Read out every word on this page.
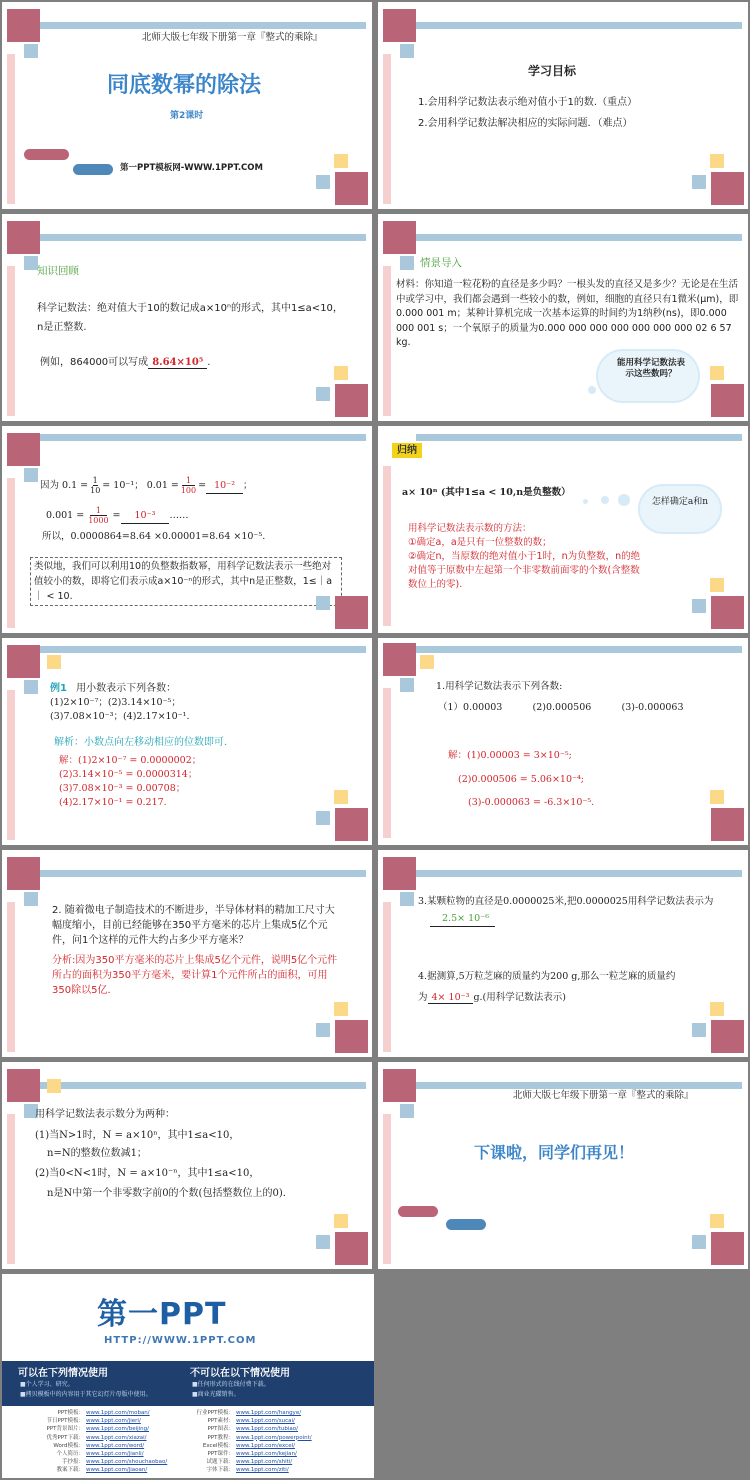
北师大版七年级下册第一章『整式的乘除』
同底数幂的除法
第2课时
第一PPT模板网-WWW.1PPT.COM
学习目标
1.会用科学记数法表示绝对值小于1的数.（重点）
2.会用科学记数法解决相应的实际问题．（难点）
知识回顾
科学记数法：绝对值大于10的数记成a×10ⁿ的形式，其中1≤a<10，
n是正整数.
例如，864000可以写成 8.64×10⁵ .
情景导入
材料：你知道一粒花粉的直径是多少吗？一根头发的直径又是多少？无论是在生活中或学习中，我们都会遇到一些较小的数，例如，细胞的直径只有1微米(μm)，即0.000 001 m；某种计算机完成一次基本运算的时间约为1纳秒(ns)，即0.000 000 001 s；一个氧原子的质量为0.000 000 000 000 000 000 000 02 6 57 kg.
能用科学记数法表示这些数吗？
因为 $0.1 = \frac{1}{10} = 10^{-1}$； $0.01 = \frac{1}{100} = 10^{-2}$ ；
$0.001 = \frac{1}{1000}$ =	10⁻³	……
所以，0.0000864=8.64 ×0.00001=8.64 ×10⁻⁵.
类似地，我们可以利用10的负整数指数幂，用科学记数法表示一些绝对值较小的数，即将它们表示成a×10⁻ⁿ的形式，其中n是正整数，1≤｜a｜ < 10.
归纳
a× 10ⁿ (其中1≤a < 10,n是负整数）
怎样确定a和n
用科学记数法表示数的方法：
①确定a，a是只有一位整数的数；
②确定n，当原数的绝对值小于1时，n为负整数，n的绝对值等于原数中左起第一个非零数前面零的个数(含整数数位上的零).
例1 用小数表示下列各数：
(1)2×10⁻⁷；(2)3.14×10⁻⁵；
(3)7.08×10⁻³；(4)2.17×10⁻¹.
解析：小数点向左移动相应的位数即可．
解：(1)2×10⁻⁷ = 0.0000002；
(2)3.14×10⁻⁵ = 0.0000314；
(3)7.08×10⁻³ = 0.00708；
(4)2.17×10⁻¹ = 0.217.
1.用科学记数法表示下列各数:
（1）0.00003          (2)0.000506          (3)-0.000063
解：(1)0.00003 = 3×10⁻⁵;
(2)0.000506 = 5.06×10⁻⁴;
(3)-0.000063 = -6.3×10⁻⁵.
2. 随着微电子制造技术的不断进步，半导体材料的精加工尺寸大幅度缩小，目前已经能够在350平方毫米的芯片上集成5亿个元件，问1个这样的元件大约占多少平方毫米？
分析:因为350平方毫米的芯片上集成5亿个元件，说明5亿个元件所占的面积为350平方毫米，要计算1个元件所占的面积，可用350除以5亿．
3.某颗粒物的直径是0.0000025米,把0.0000025用科学记数法表示为
2.5× 10⁻⁶
4.据测算,5万粒芝麻的质量约为200 g,那么一粒芝麻的质量约
为 4× 10⁻³ g.(用科学记数法表示)
用科学记数法表示数分为两种：
(1)当N>1时，N = a×10ⁿ，其中1≤a<10，
n=N的整数位数减1；
(2)当0<N<1时，N = a×10⁻ⁿ，其中1≤a<10，
n是N中第一个非零数字前0的个数(包括整数位上的0)．
北师大版七年级下册第一章『整式的乘除』
下课啦，同学们再见！
第一PPT
HTTP://WWW.1PPT.COM
可以在下列情况使用
■个人学习、研究。
■拷贝模板中的内容用于其它幻灯片母版中使用。
不可以在以下情况使用
■任何形式的在线付费下载。
■商业光碟销售。
PPT模板： www.1ppt.com/moban/
节日PPT模板： www.1ppt.com/jieri/
PPT背景图片： www.1ppt.com/beijing/
优秀PPT下载： www.1ppt.com/xiazai/
Word模板： www.1ppt.com/word/
个人简历： www.1ppt.com/jianli/
手抄报： www.1ppt.com/shouchaobao/
教案下载： www.1ppt.com/jiaoan/
行业PPT模板： www.1ppt.com/hangye/
PPT素材： www.1ppt.com/sucai/
PPT图表： www.1ppt.com/tubiao/
PPT教程： www.1ppt.com/powerpoint/
Excel模板： www.1ppt.com/excel/
PPT课件： www.1ppt.com/kejian/
试题下载： www.1ppt.com/shiti/
字体下载： www.1ppt.com/ziti/
